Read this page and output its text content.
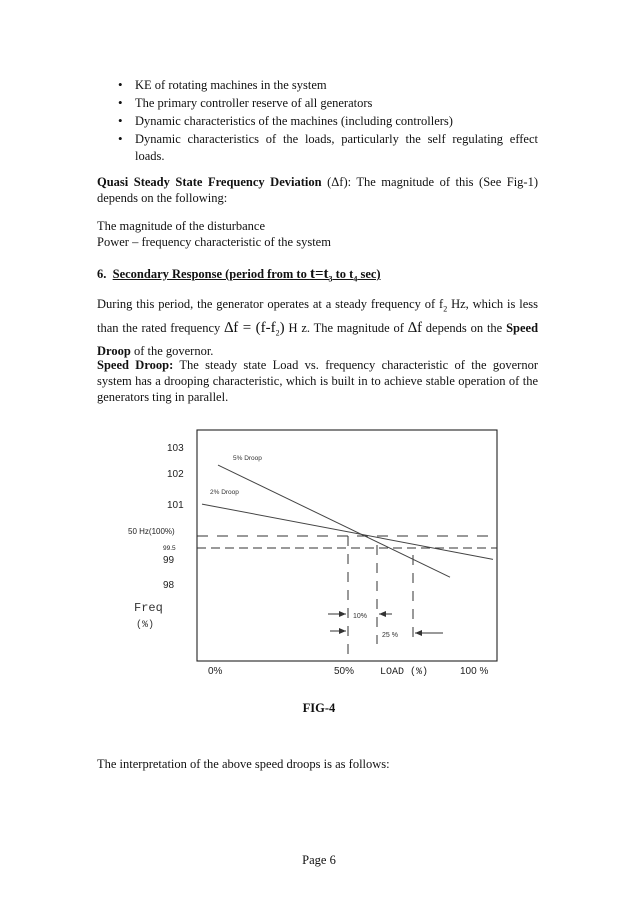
• KE of rotating machines in the system
• The primary controller reserve of all generators
• Dynamic characteristics of the machines (including controllers)
• Dynamic characteristics of the loads, particularly the self regulating effect loads.
Quasi Steady State Frequency Deviation (Δf): The magnitude of this (See Fig-1) depends on the following:
The magnitude of the disturbance
Power – frequency characteristic of the system
6. Secondary Response (period from to $t=t_3$ to $t_4$ sec)
During this period, the generator operates at a steady frequency of $f_2$ Hz, which is less than the rated frequency $\Delta f = (f-f_2)$ H z. The magnitude of ∆f depends on the Speed Droop of the governor.
Speed Droop: The steady state Load vs. frequency characteristic of the governor system has a drooping characteristic, which is built in to achieve stable operation of the generators ting in parallel.
10%
25 %
5% Droop
2% Droop
103
102
101
50 Hz(100%)
99.5
99
98
Freq
(%)
0%	50%	LOAD (%)	100 %
FIG-4
The interpretation of the above speed droops is as follows:
Page 6
